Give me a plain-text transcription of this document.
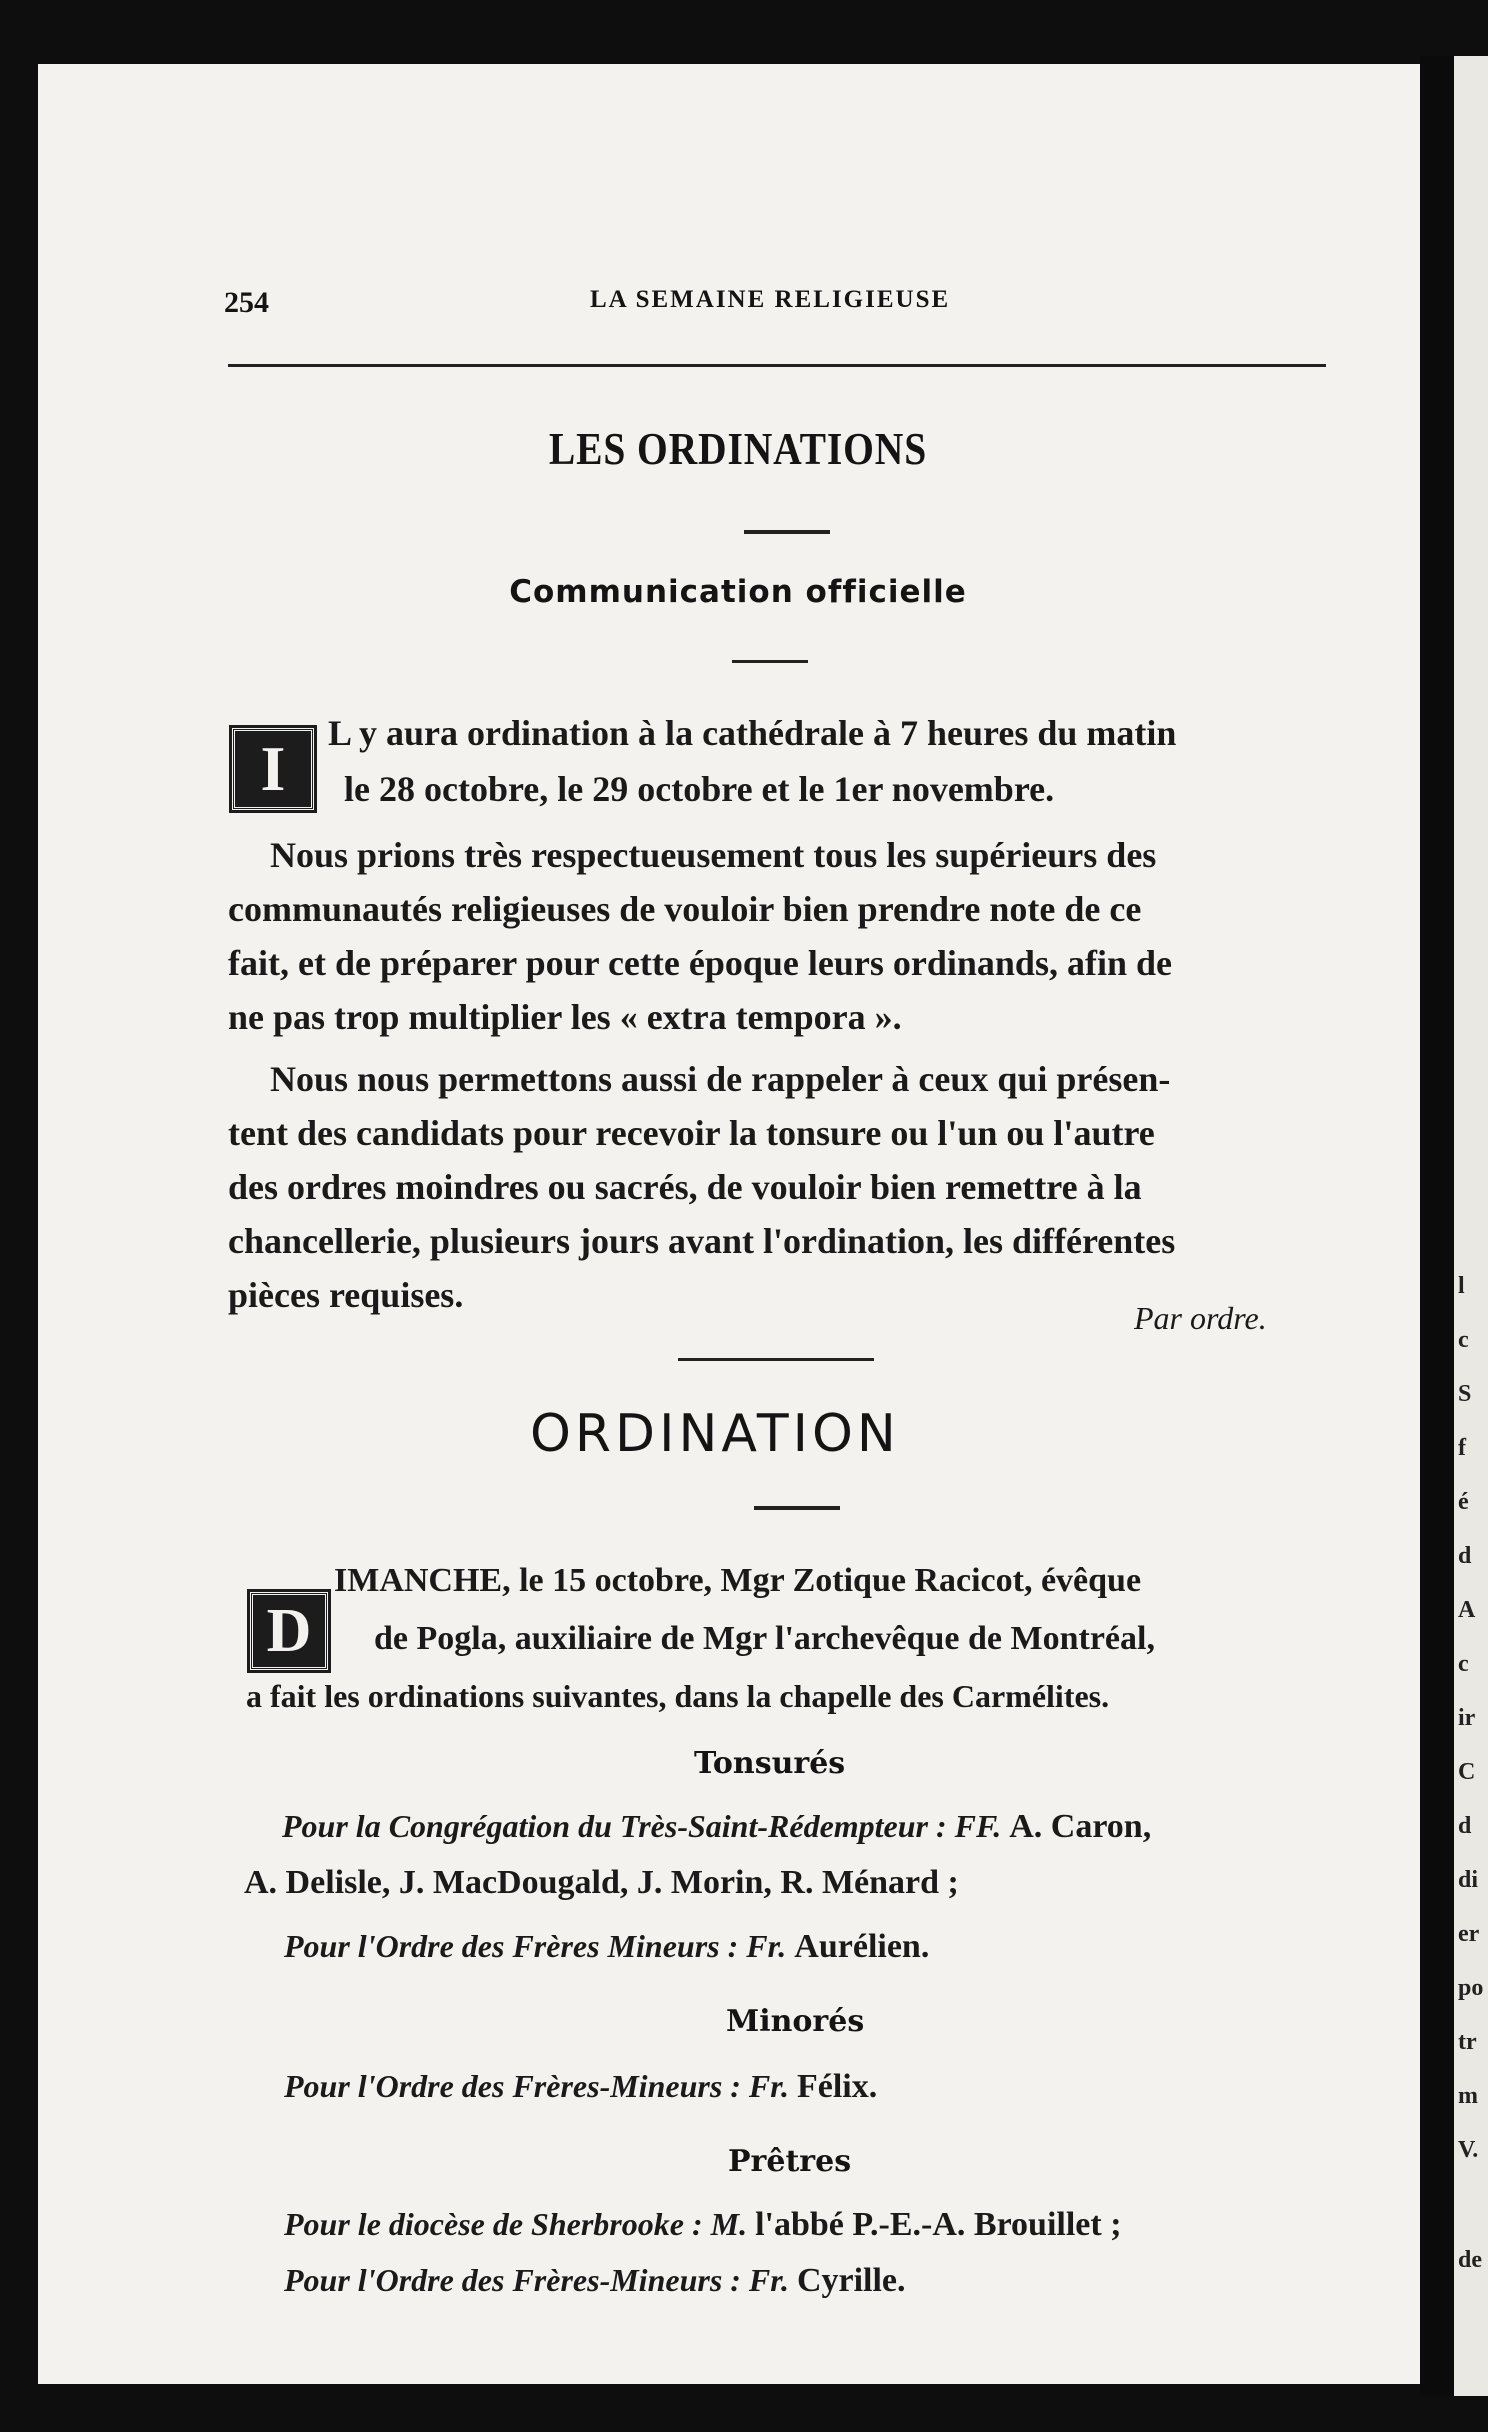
254	LA SEMAINE RELIGIEUSE
LES ORDINATIONS
Communication officielle
I	L y aura ordination à la cathédrale à 7 heures du matin
le 28 octobre, le 29 octobre et le 1er novembre.
Nous prions très respectueusement tous les supérieurs des
communautés religieuses de vouloir bien prendre note de ce
fait, et de préparer pour cette époque leurs ordinands, afin de
ne pas trop multiplier les « extra tempora ».
Nous nous permettons aussi de rappeler à ceux qui présen-
tent des candidats pour recevoir la tonsure ou l'un ou l'autre
des ordres moindres ou sacrés, de vouloir bien remettre à la
chancellerie, plusieurs jours avant l'ordination, les différentes
pièces requises.
Par ordre.
ORDINATION
D
IMANCHE, le 15 octobre, Mgr Zotique Racicot, évêque
de Pogla, auxiliaire de Mgr l'archevêque de Montréal,
a fait les ordinations suivantes, dans la chapelle des Carmélites.
Tonsurés
Pour la Congrégation du Très-Saint-Rédempteur : FF. A. Caron,
A. Delisle, J. MacDougald, J. Morin, R. Ménard ;
Pour l'Ordre des Frères Mineurs : Fr. Aurélien.
Minorés
Pour l'Ordre des Frères-Mineurs : Fr. Félix.
Prêtres
Pour le diocèse de Sherbrooke : M. l'abbé P.-E.-A. Brouillet ;
Pour l'Ordre des Frères-Mineurs : Fr. Cyrille.
l
c
S
f
é
d
A
c
ir
C
d
di
er
po
tr
m
V.
de
